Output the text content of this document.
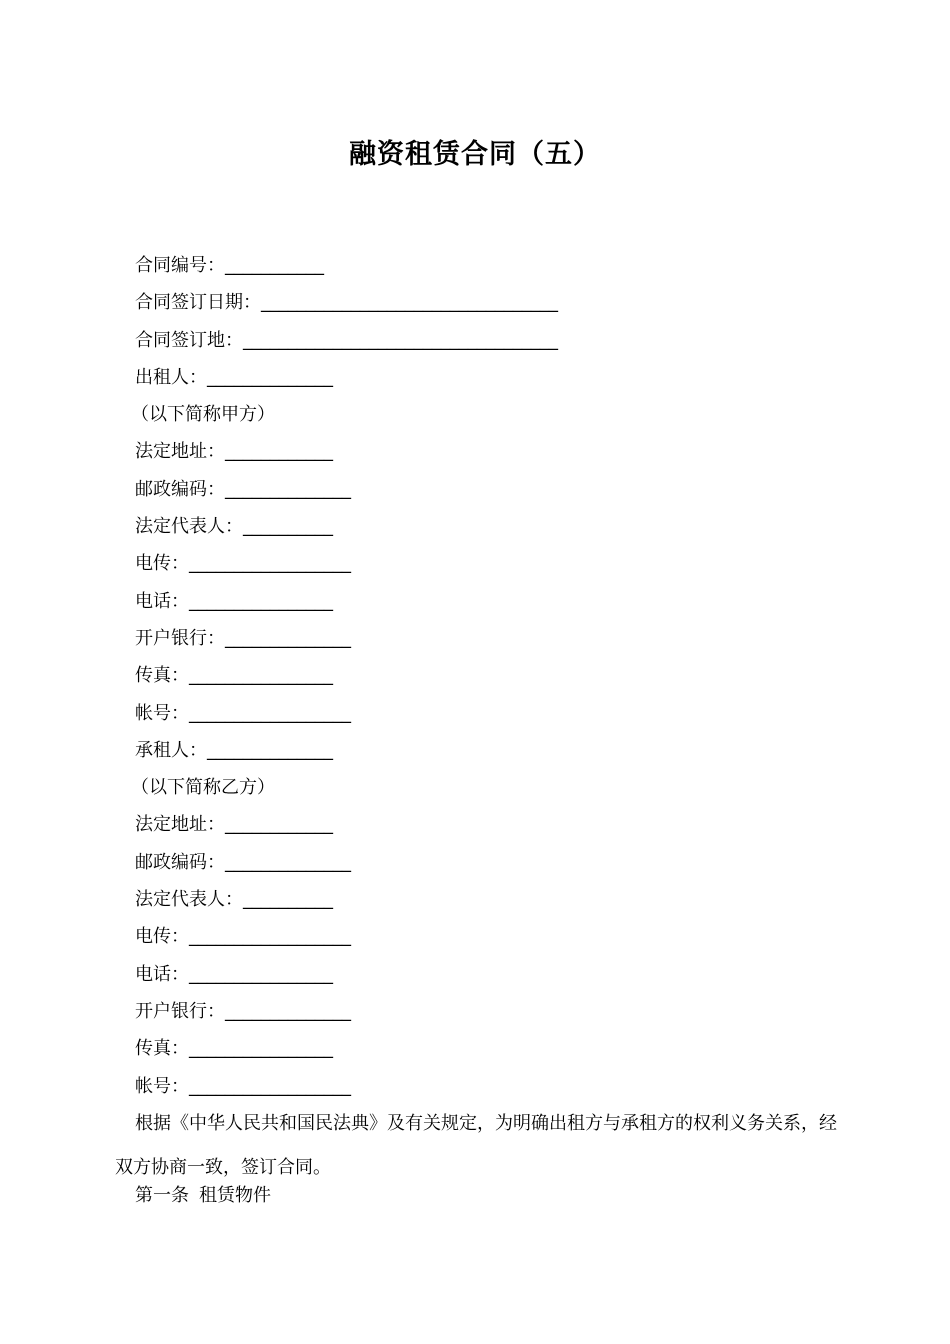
融资租赁合同（五）
合同编号：___________
合同签订日期：_________________________________
合同签订地：___________________________________
出租人：______________
（以下简称甲方）
法定地址：____________
邮政编码：______________
法定代表人：__________
电传：__________________
电话：________________
开户银行：______________
传真：________________
帐号：__________________
承租人：______________
（以下简称乙方）
法定地址：____________
邮政编码：______________
法定代表人：__________
电传：__________________
电话：________________
开户银行：______________
传真：________________
帐号：__________________
根据《中华人民共和国民法典》及有关规定，为明确出租方与承租方的权利义务关系，经双方协商一致，签订合同。
第一条 租赁物件
